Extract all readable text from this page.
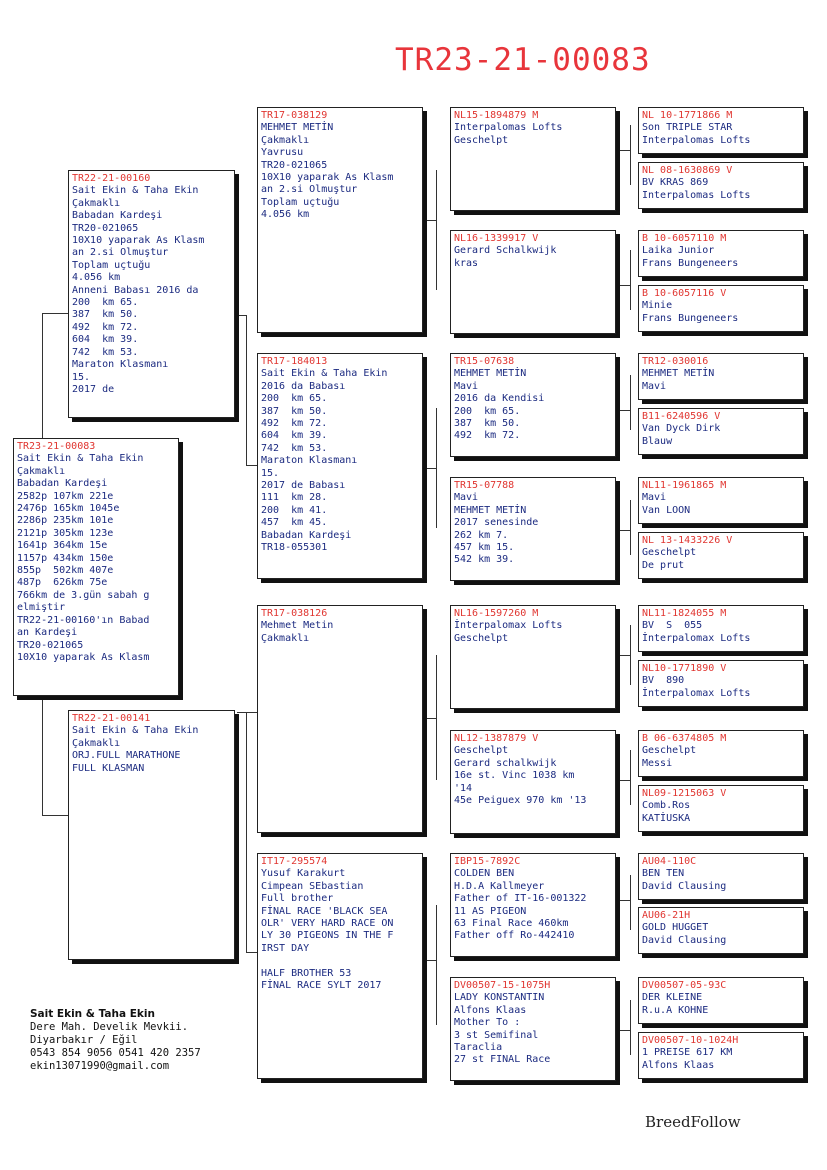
TR23-21-00083
TR23-21-00083
Sait Ekin & Taha Ekin
Çakmaklı
Babadan Kardeşi
2582p 107km 221e
2476p 165km 1045e
2286p 235km 101e
2121p 305km 123e
1641p 364km 15e
1157p 434km 150e
855p  502km 407e
487p  626km 75e
766km de 3.gün sabah g
elmiştir
TR22-21-00160'ın Babad
an Kardeşi
TR20-021065
10X10 yaparak As Klasm
TR22-21-00160
Sait Ekin & Taha Ekin
Çakmaklı
Babadan Kardeşi
TR20-021065
10X10 yaparak As Klasm
an 2.si Olmuştur
Toplam uçtuğu
4.056 km
Anneni Babası 2016 da
200  km 65.
387  km 50.
492  km 72.
604  km 39.
742  km 53.
Maraton Klasmanı
15.
2017 de
TR22-21-00141
Sait Ekin & Taha Ekin
Çakmaklı
ORJ.FULL MARATHONE
FULL KLASMAN
TR17-038129
MEHMET METİN
Çakmaklı
Yavrusu
TR20-021065
10X10 yaparak As Klasm
an 2.si Olmuştur
Toplam uçtuğu
4.056 km
TR17-184013
Sait Ekin & Taha Ekin
2016 da Babası
200  km 65.
387  km 50.
492  km 72.
604  km 39.
742  km 53.
Maraton Klasmanı
15.
2017 de Babası
111  km 28.
200  km 41.
457  km 45.
Babadan Kardeşi
TR18-055301
TR17-038126
Mehmet Metin
Çakmaklı
IT17-295574
Yusuf Karakurt
Cimpean SEbastian
Full brother
FİNAL RACE 'BLACK SEA
OLR' VERY HARD RACE ON
LY 30 PIGEONS IN THE F
IRST DAY

HALF BROTHER 53
FİNAL RACE SYLT 2017
NL15-1894879 M
Interpalomas Lofts
Geschelpt
NL16-1339917 V
Gerard Schalkwijk
kras
TR15-07638
MEHMET METİN
Mavi
2016 da Kendisi
200  km 65.
387  km 50.
492  km 72.
TR15-07788
Mavi
MEHMET METİN
2017 senesinde
262 km 7.
457 km 15.
542 km 39.
NL16-1597260 M
İnterpalomax Lofts
Geschelpt
NL12-1387879 V
Geschelpt
Gerard schalkwijk
16e st. Vinc 1038 km
'14
45e Peiguex 970 km '13
IBP15-7892C
COLDEN BEN
H.D.A Kallmeyer
Father of IT-16-001322
11 AS PIGEON
63 Final Race 460km
Father off Ro-442410
DV00507-15-1075H
LADY KONSTANTIN
Alfons Klaas
Mother To :
3 st Semifinal
Taraclia
27 st FINAL Race
NL 10-1771866 M
Son TRIPLE STAR
Interpalomas Lofts
NL 08-1630869 V
BV KRAS 869
Interpalomas Lofts
B 10-6057110 M
Laika Junior
Frans Bungeneers
B 10-6057116 V
Minie
Frans Bungeneers
TR12-030016
MEHMET METİN
Mavi
B11-6240596 V
Van Dyck Dirk
Blauw
NL11-1961865 M
Mavi
Van LOON
NL 13-1433226 V
Geschelpt
De prut
NL11-1824055 M
BV  S  055
İnterpalomax Lofts
NL10-1771890 V
BV  890
İnterpalomax Lofts
B 06-6374805 M
Geschelpt
Messi
NL09-1215063 V
Comb.Ros
KATİUSKA
AU04-110C
BEN TEN
David Clausing
AU06-21H
GOLD HUGGET
David Clausing
DV00507-05-93C
DER KLEINE
R.u.A KOHNE
DV00507-10-1024H
1 PREISE 617 KM
Alfons Klaas
Sait Ekin & Taha Ekin
Dere Mah. Develik Mevkii.
Diyarbakır / Eğil
0543 854 9056 0541 420 2357
ekin13071990@gmail.com
BreedFollow
